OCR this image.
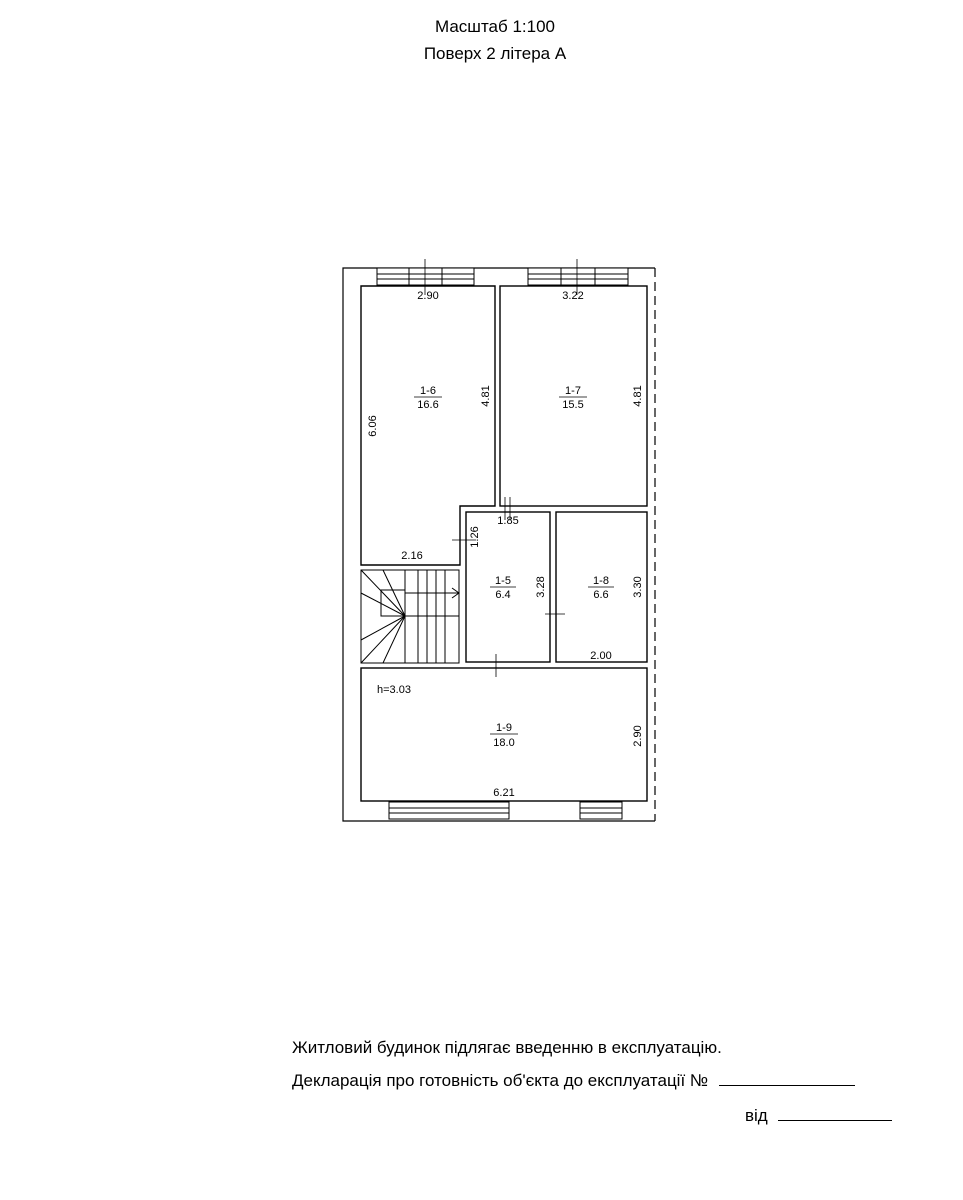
Масштаб 1:100
Поверх 2 літера А
1-6
16.6
1-7
15.5
1-5
6.4
1-8
6.6
1-9
18.0
2.90	3.22
2.16
1.85
2.00
6.21
h=3.03
6.06
4.81	4.81
1.26
3.28	3.30
2.90
Житловий будинок підлягає введенню в експлуатацію.
Декларація про готовність об'єкта до експлуатації №
від
